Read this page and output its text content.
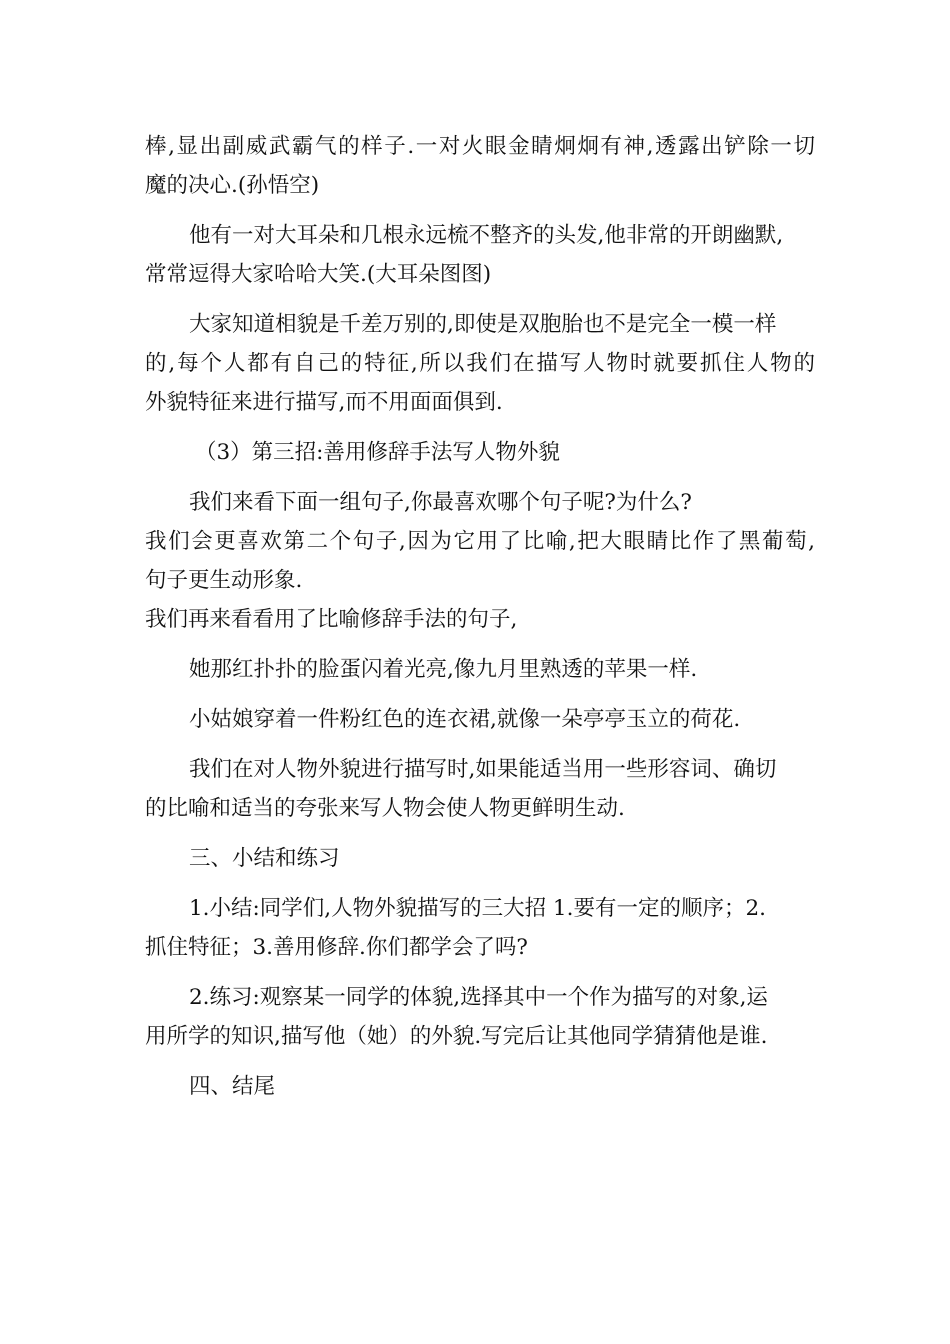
棒,显出副威武霸气的样子.一对火眼金睛炯炯有神,透露出铲除一切
魔的决心.(孙悟空)
他有一对大耳朵和几根永远梳不整齐的头发,他非常的开朗幽默,
常常逗得大家哈哈大笑.(大耳朵图图)
大家知道相貌是千差万别的,即使是双胞胎也不是完全一模一样
的,每个人都有自己的特征,所以我们在描写人物时就要抓住人物的
外貌特征来进行描写,而不用面面俱到.
（3）第三招:善用修辞手法写人物外貌
我们来看下面一组句子,你最喜欢哪个句子呢?为什么?
我们会更喜欢第二个句子,因为它用了比喻,把大眼睛比作了黑葡萄,
句子更生动形象.
我们再来看看用了比喻修辞手法的句子,
她那红扑扑的脸蛋闪着光亮,像九月里熟透的苹果一样.
小姑娘穿着一件粉红色的连衣裙,就像一朵亭亭玉立的荷花.
我们在对人物外貌进行描写时,如果能适当用一些形容词、确切
的比喻和适当的夸张来写人物会使人物更鲜明生动.
三、小结和练习
1.小结:同学们,人物外貌描写的三大招 1.要有一定的顺序；2.
抓住特征；3.善用修辞.你们都学会了吗?
2.练习:观察某一同学的体貌,选择其中一个作为描写的对象,运
用所学的知识,描写他（她）的外貌.写完后让其他同学猜猜他是谁.
四、结尾
